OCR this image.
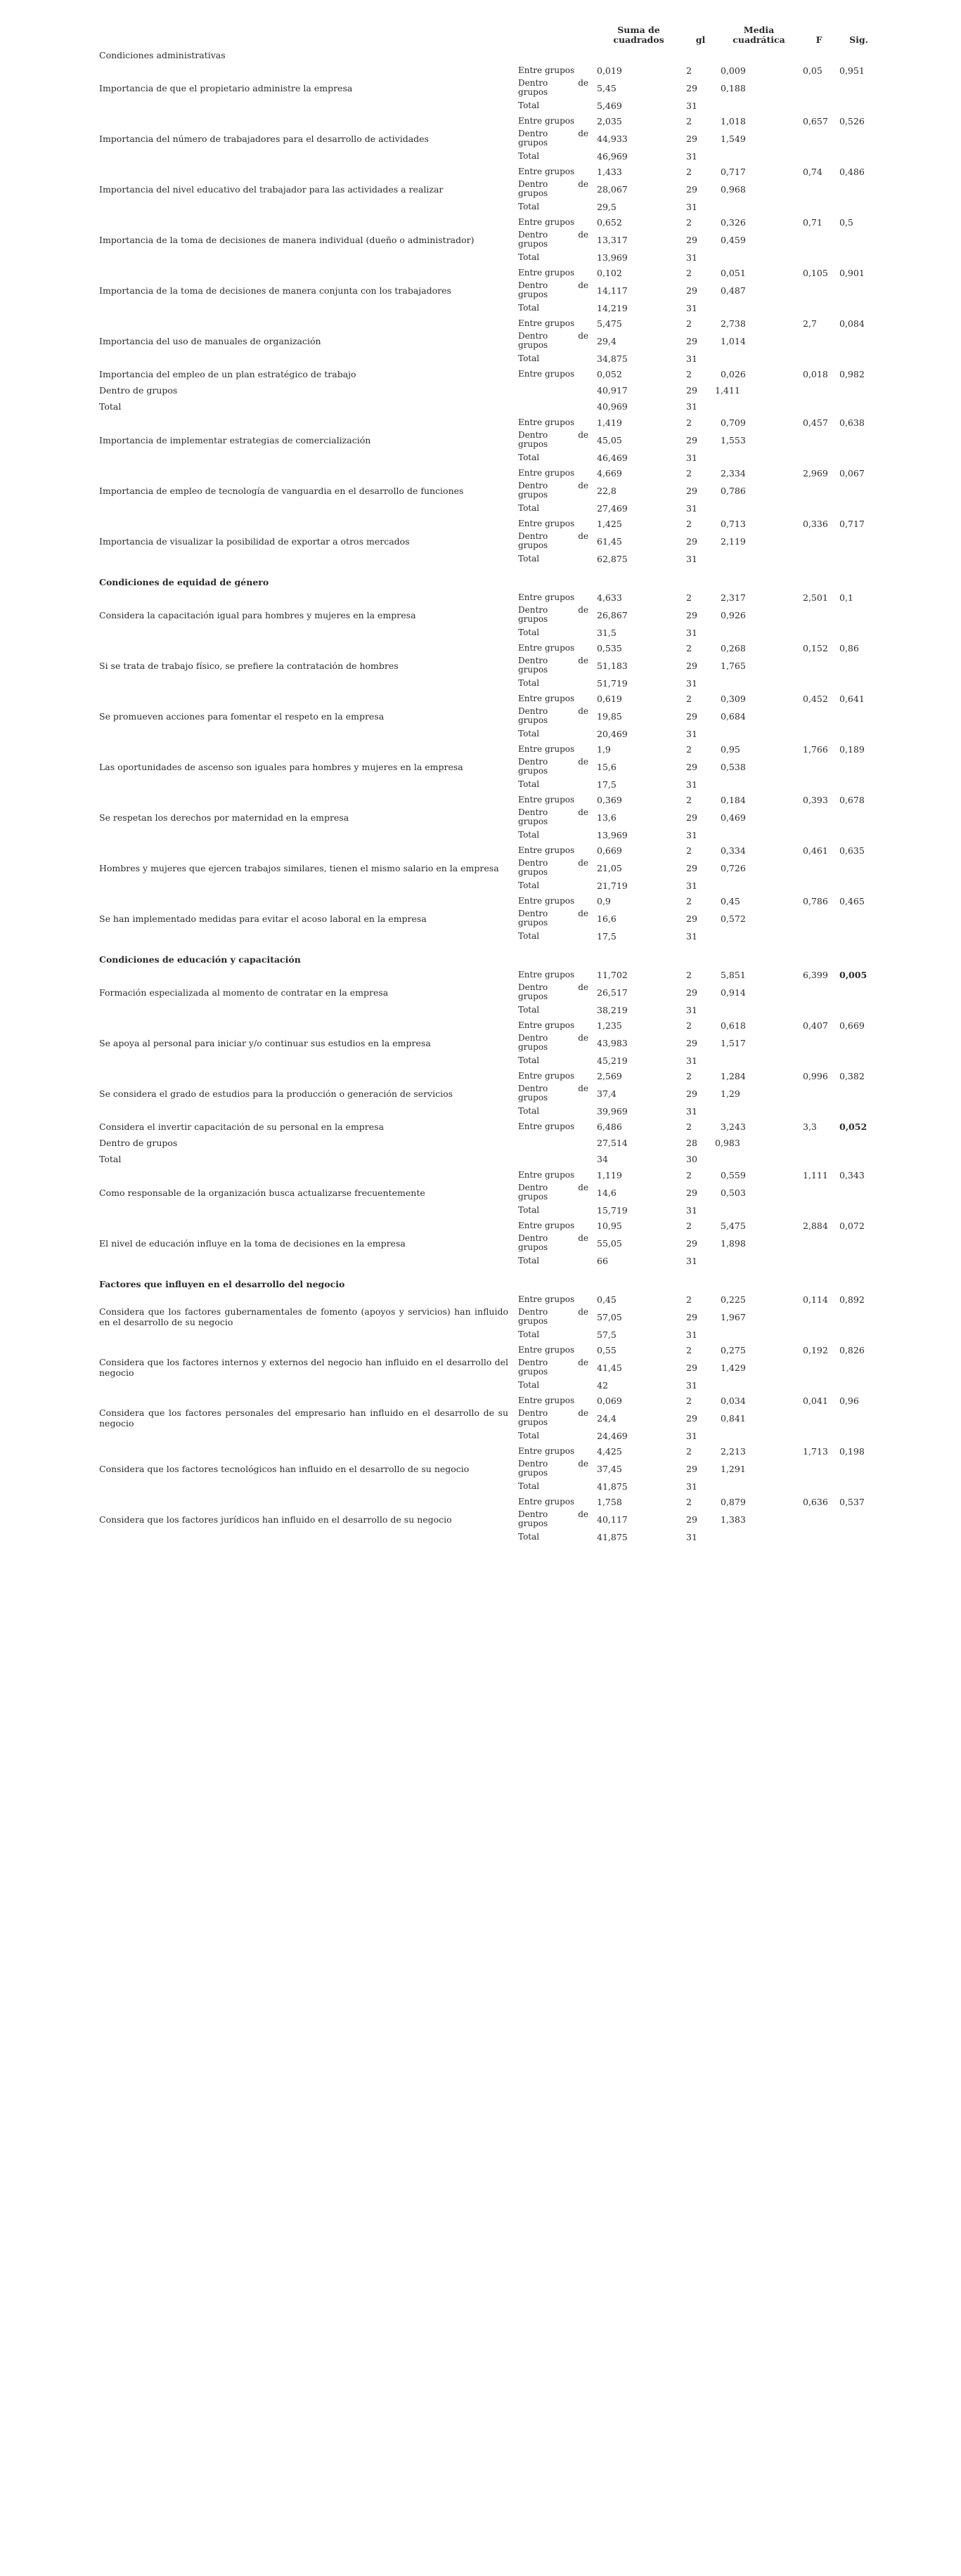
		Suma de cuadrados	gl	Media cuadrática	F	Sig.
Condiciones administrativas						
Importancia de que el propietario administre la empresa	Entre grupos	0,019	2	0,009	0,05	0,951
	Dentro de grupos	5,45	29	0,188		
	Total	5,469	31			
Importancia del número de trabajadores para el desarrollo de actividades	Entre grupos	2,035	2	1,018	0,657	0,526
	Dentro de grupos	44,933	29	1,549		
	Total	46,969	31			
Importancia del nivel educativo del trabajador para las actividades a realizar	Entre grupos	1,433	2	0,717	0,74	0,486
	Dentro de grupos	28,067	29	0,968		
	Total	29,5	31			
Importancia de la toma de decisiones de manera individual (dueño o administrador)	Entre grupos	0,652	2	0,326	0,71	0,5
	Dentro de grupos	13,317	29	0,459		
	Total	13,969	31			
Importancia de la toma de decisiones de manera conjunta con los trabajadores	Entre grupos	0,102	2	0,051	0,105	0,901
	Dentro de grupos	14,117	29	0,487		
	Total	14,219	31			
Importancia del uso de manuales de organización	Entre grupos	5,475	2	2,738	2,7	0,084
	Dentro de grupos	29,4	29	1,014		
	Total	34,875	31			
Importancia del empleo de un plan estratégico de trabajo	Entre grupos	0,052	2	0,026	0,018	0,982
Dentro de grupos		40,917	29	1,411		
Total		40,969	31			
Importancia de implementar estrategias de comercialización	Entre grupos	1,419	2	0,709	0,457	0,638
	Dentro de grupos	45,05	29	1,553		
	Total	46,469	31			
Importancia de empleo de tecnología de vanguardia en el desarrollo de funciones	Entre grupos	4,669	2	2,334	2,969	0,067
	Dentro de grupos	22,8	29	0,786		
	Total	27,469	31			
Importancia de visualizar la posibilidad de exportar a otros mercados	Entre grupos	1,425	2	0,713	0,336	0,717
	Dentro de grupos	61,45	29	2,119		
	Total	62,875	31			
Condiciones de equidad de género						
Considera la capacitación igual para hombres y mujeres en la empresa	Entre grupos	4,633	2	2,317	2,501	0,1
	Dentro de grupos	26,867	29	0,926		
	Total	31,5	31			
Si se trata de trabajo físico, se prefiere la contratación de hombres	Entre grupos	0,535	2	0,268	0,152	0,86
	Dentro de grupos	51,183	29	1,765		
	Total	51,719	31			
Se promueven acciones para fomentar el respeto en la empresa	Entre grupos	0,619	2	0,309	0,452	0,641
	Dentro de grupos	19,85	29	0,684		
	Total	20,469	31			
Las oportunidades de ascenso son iguales para hombres y mujeres en la empresa	Entre grupos	1,9	2	0,95	1,766	0,189
	Dentro de grupos	15,6	29	0,538		
	Total	17,5	31			
Se respetan los derechos por maternidad en la empresa	Entre grupos	0,369	2	0,184	0,393	0,678
	Dentro de grupos	13,6	29	0,469		
	Total	13,969	31			
Hombres y mujeres que ejercen trabajos similares, tienen el mismo salario en la empresa	Entre grupos	0,669	2	0,334	0,461	0,635
	Dentro de grupos	21,05	29	0,726		
	Total	21,719	31			
Se han implementado medidas para evitar el acoso laboral en la empresa	Entre grupos	0,9	2	0,45	0,786	0,465
	Dentro de grupos	16,6	29	0,572		
	Total	17,5	31			
Condiciones de educación y capacitación						
Formación especializada al momento de contratar en la empresa	Entre grupos	11,702	2	5,851	6,399	0,005
	Dentro de grupos	26,517	29	0,914		
	Total	38,219	31			
Se apoya al personal para iniciar y/o continuar sus estudios en la empresa	Entre grupos	1,235	2	0,618	0,407	0,669
	Dentro de grupos	43,983	29	1,517		
	Total	45,219	31			
Se considera el grado de estudios para la producción o generación de servicios	Entre grupos	2,569	2	1,284	0,996	0,382
	Dentro de grupos	37,4	29	1,29		
	Total	39,969	31			
Considera el invertir capacitación de su personal en la empresa	Entre grupos	6,486	2	3,243	3,3	0,052
Dentro de grupos		27,514	28	0,983		
Total		34	30			
Como responsable de la organización busca actualizarse frecuentemente	Entre grupos	1,119	2	0,559	1,111	0,343
	Dentro de grupos	14,6	29	0,503		
	Total	15,719	31			
El nivel de educación influye en la toma de decisiones en la empresa	Entre grupos	10,95	2	5,475	2,884	0,072
	Dentro de grupos	55,05	29	1,898		
	Total	66	31			
Factores que influyen en el desarrollo del negocio						
Considera que los factores gubernamentales de fomento (apoyos y servicios) han influido en el desarrollo de su negocio	Entre grupos	0,45	2	0,225	0,114	0,892
	Dentro de grupos	57,05	29	1,967		
	Total	57,5	31			
Considera que los factores internos y externos del negocio han influido en el desarrollo del negocio	Entre grupos	0,55	2	0,275	0,192	0,826
	Dentro de grupos	41,45	29	1,429		
	Total	42	31			
Considera que los factores personales del empresario han influido en el desarrollo de su negocio	Entre grupos	0,069	2	0,034	0,041	0,96
	Dentro de grupos	24,4	29	0,841		
	Total	24,469	31			
Considera que los factores tecnológicos han influido en el desarrollo de su negocio	Entre grupos	4,425	2	2,213	1,713	0,198
	Dentro de grupos	37,45	29	1,291		
	Total	41,875	31			
Considera que los factores jurídicos han influido en el desarrollo de su negocio	Entre grupos	1,758	2	0,879	0,636	0,537
	Dentro de grupos	40,117	29	1,383		
	Total	41,875	31			
